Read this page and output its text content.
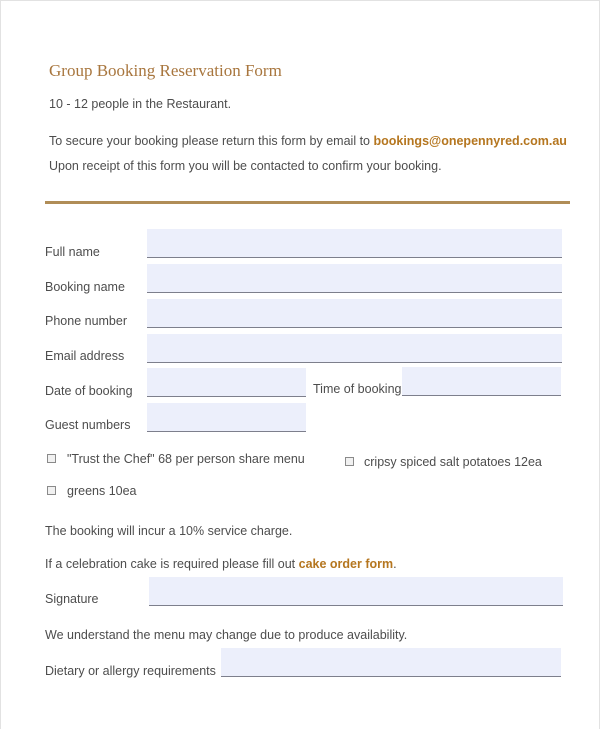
Group Booking Reservation Form
10 - 12 people in the Restaurant.
To secure your booking please return this form by email to bookings@onepennyred.com.au
Upon receipt of this form you will be contacted to confirm your booking.
Full name
Booking name
Phone number
Email address
Date of booking	Time of booking
Guest numbers
"Trust the Chef" 68 per person share menu	cripsy spiced salt potatoes 12ea
greens 10ea
The booking will incur a 10% service charge.
If a celebration cake is required please fill out cake order form.
Signature
We understand the menu may change due to produce availability.
Dietary or allergy requirements
